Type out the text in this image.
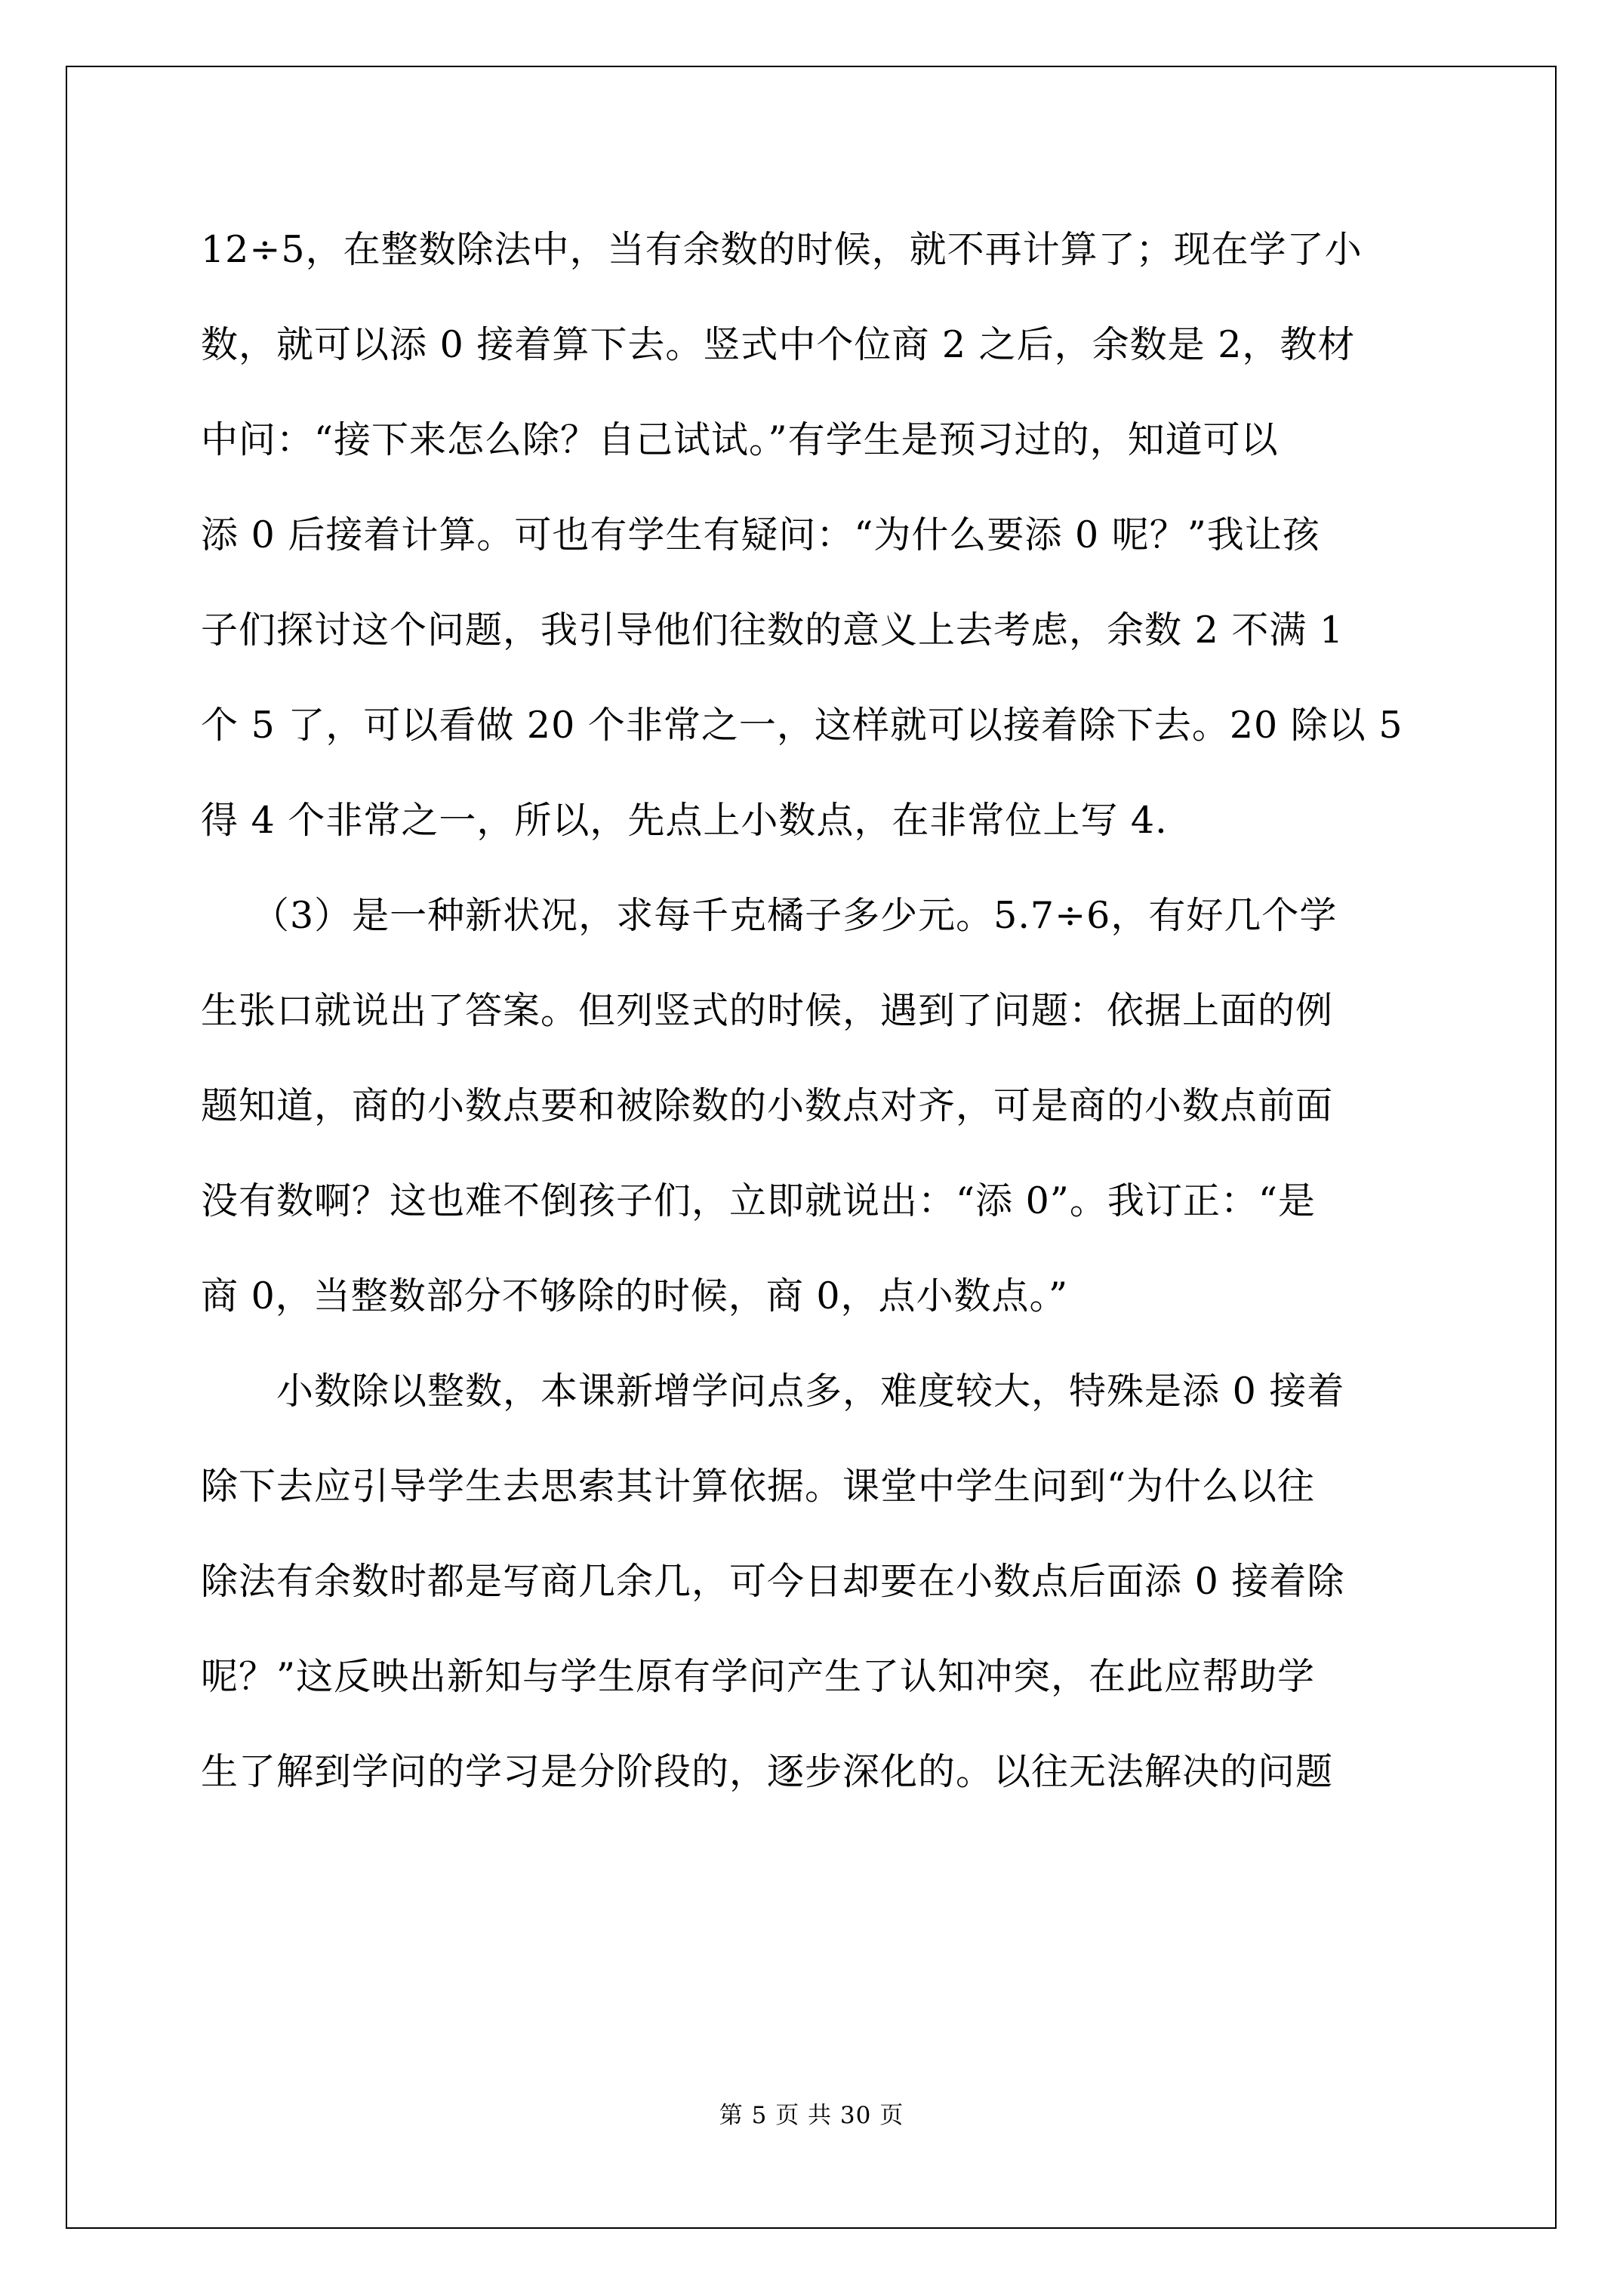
12÷5，在整数除法中，当有余数的时候，就不再计算了；现在学了小
数，就可以添 0 接着算下去。竖式中个位商 2 之后，余数是 2，教材
中问：“接下来怎么除？自己试试。”有学生是预习过的，知道可以
添 0 后接着计算。可也有学生有疑问：“为什么要添 0 呢？”我让孩
子们探讨这个问题，我引导他们往数的意义上去考虑，余数 2 不满 1
个 5 了，可以看做 20 个非常之一，这样就可以接着除下去。20 除以 5
得 4 个非常之一，所以，先点上小数点，在非常位上写 4.
（3）是一种新状况，求每千克橘子多少元。5.7÷6，有好几个学
生张口就说出了答案。但列竖式的时候，遇到了问题：依据上面的例
题知道，商的小数点要和被除数的小数点对齐，可是商的小数点前面
没有数啊？这也难不倒孩子们，立即就说出：“添 0”。我订正：“是
商 0，当整数部分不够除的时候，商 0，点小数点。”
小数除以整数，本课新增学问点多，难度较大，特殊是添 0 接着
除下去应引导学生去思索其计算依据。课堂中学生问到“为什么以往
除法有余数时都是写商几余几，可今日却要在小数点后面添 0 接着除
呢？”这反映出新知与学生原有学问产生了认知冲突，在此应帮助学
生了解到学问的学习是分阶段的，逐步深化的。以往无法解决的问题
第 5 页 共 30 页
